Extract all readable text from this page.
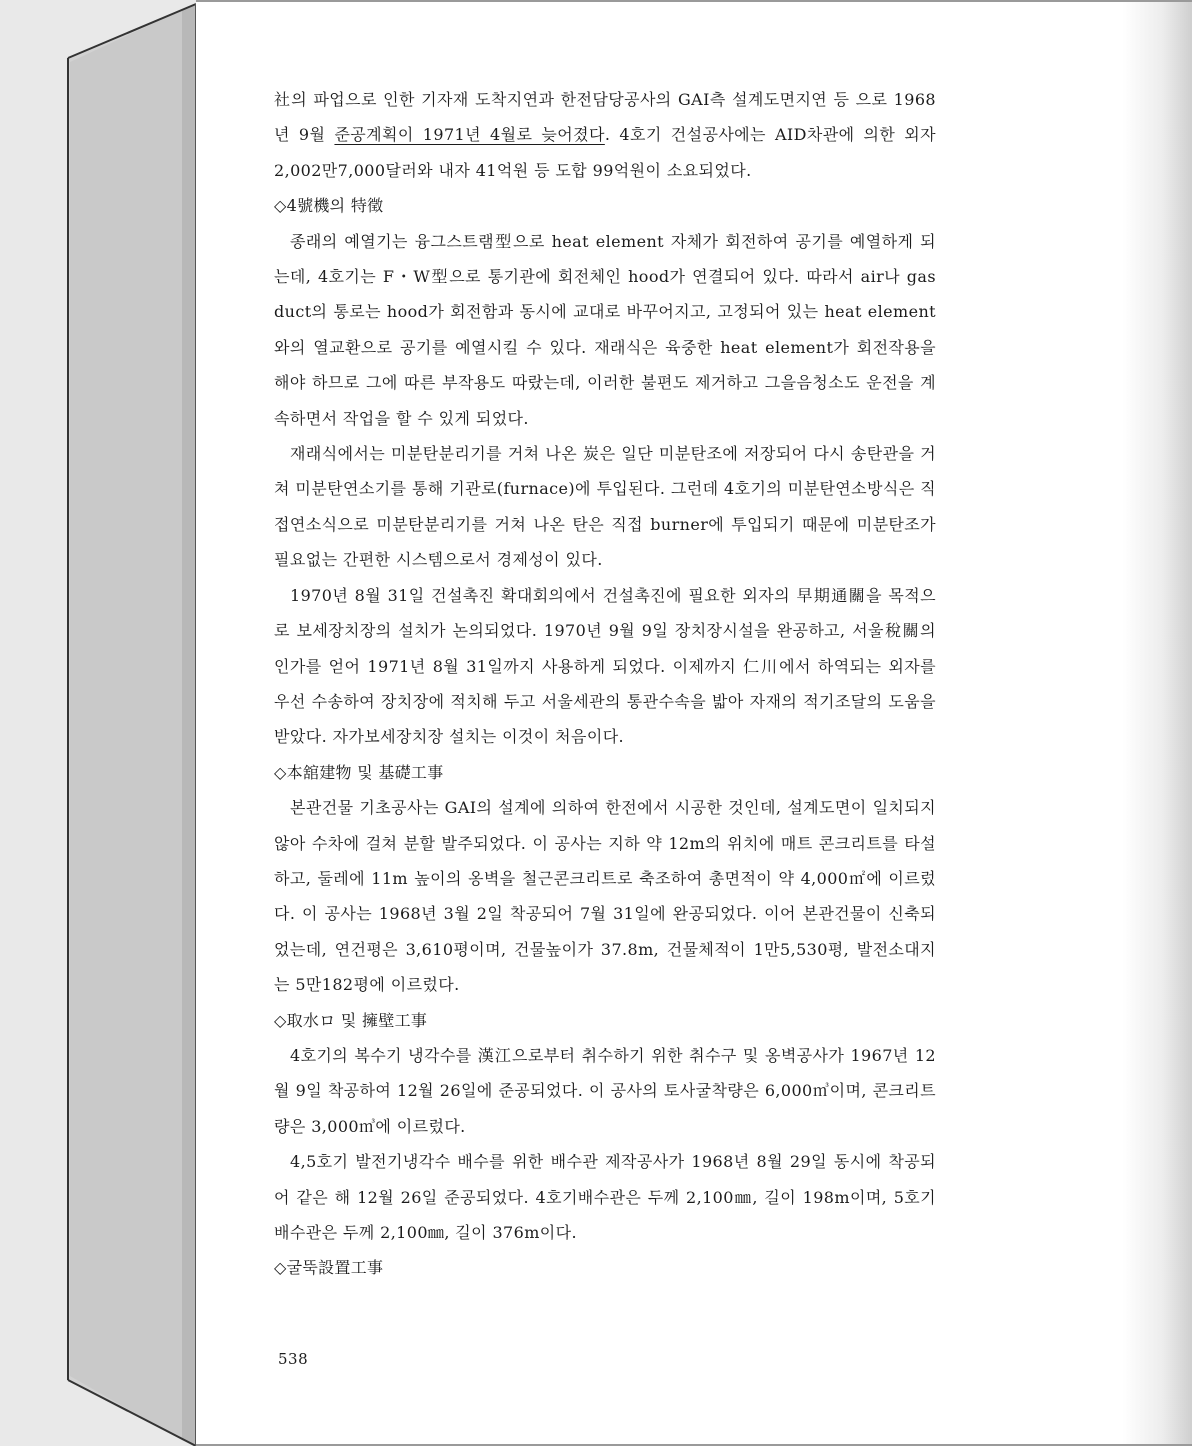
社의 파업으로 인한 기자재 도착지연과 한전담당공사의 GAI측 설계도면지연 등 으로 1968년 9월 준공계획이 1971년 4월로 늦어졌다. 4호기 건설공사에는 AID차관에 의한 외자 2,002만7,000달러와 내자 41억원 등 도합 99억원이 소요되었다.

◇4號機의 特徵

종래의 예열기는 융그스트램型으로 heat element 자체가 회전하여 공기를 예열하게 되는데, 4호기는 F・W型으로 통기관에 회전체인 hood가 연결되어 있다. 따라서 air나 gas duct의 통로는 hood가 회전함과 동시에 교대로 바꾸어지고, 고정되어 있는 heat element와의 열교환으로 공기를 예열시킬 수 있다. 재래식은 육중한 heat element가 회전작용을 해야 하므로 그에 따른 부작용도 따랐는데, 이러한 불편도 제거하고 그을음청소도 운전을 계속하면서 작업을 할 수 있게 되었다.

재래식에서는 미분탄분리기를 거쳐 나온 炭은 일단 미분탄조에 저장되어 다시 송탄관을 거쳐 미분탄연소기를 통해 기관로(furnace)에 투입된다. 그런데 4호기의 미분탄연소방식은 직접연소식으로 미분탄분리기를 거쳐 나온 탄은 직접 burner에 투입되기 때문에 미분탄조가 필요없는 간편한 시스템으로서 경제성이 있다.

1970년 8월 31일 건설촉진 확대회의에서 건설촉진에 필요한 외자의 早期通關을 목적으로 보세장치장의 설치가 논의되었다. 1970년 9월 9일 장치장시설을 완공하고, 서울稅關의 인가를 얻어 1971년 8월 31일까지 사용하게 되었다. 이제까지 仁川에서 하역되는 외자를 우선 수송하여 장치장에 적치해 두고 서울세관의 통관수속을 밟아 자재의 적기조달의 도움을 받았다. 자가보세장치장 설치는 이것이 처음이다.

◇本舘建物 및 基礎工事

본관건물 기초공사는 GAI의 설계에 의하여 한전에서 시공한 것인데, 설계도면이 일치되지 않아 수차에 걸쳐 분할 발주되었다. 이 공사는 지하 약 12m의 위치에 매트 콘크리트를 타설하고, 둘레에 11m 높이의 옹벽을 철근콘크리트로 축조하여 총면적이 약 4,000㎡에 이르렀다. 이 공사는 1968년 3월 2일 착공되어 7월 31일에 완공되었다. 이어 본관건물이 신축되었는데, 연건평은 3,610평이며, 건물높이가 37.8m, 건물체적이 1만5,530평, 발전소대지는 5만182평에 이르렀다.

◇取水ロ 및 擁壁工事

4호기의 복수기 냉각수를 漢江으로부터 취수하기 위한 취수구 및 옹벽공사가 1967년 12월 9일 착공하여 12월 26일에 준공되었다. 이 공사의 토사굴착량은 6,000㎥이며, 콘크리트량은 3,000㎥에 이르렀다.

4,5호기 발전기냉각수 배수를 위한 배수관 제작공사가 1968년 8월 29일 동시에 착공되어 같은 해 12월 26일 준공되었다. 4호기배수관은 두께 2,100㎜, 길이 198m이며, 5호기배수관은 두께 2,100㎜, 길이 376m이다.

◇굴뚝設置工事

538
